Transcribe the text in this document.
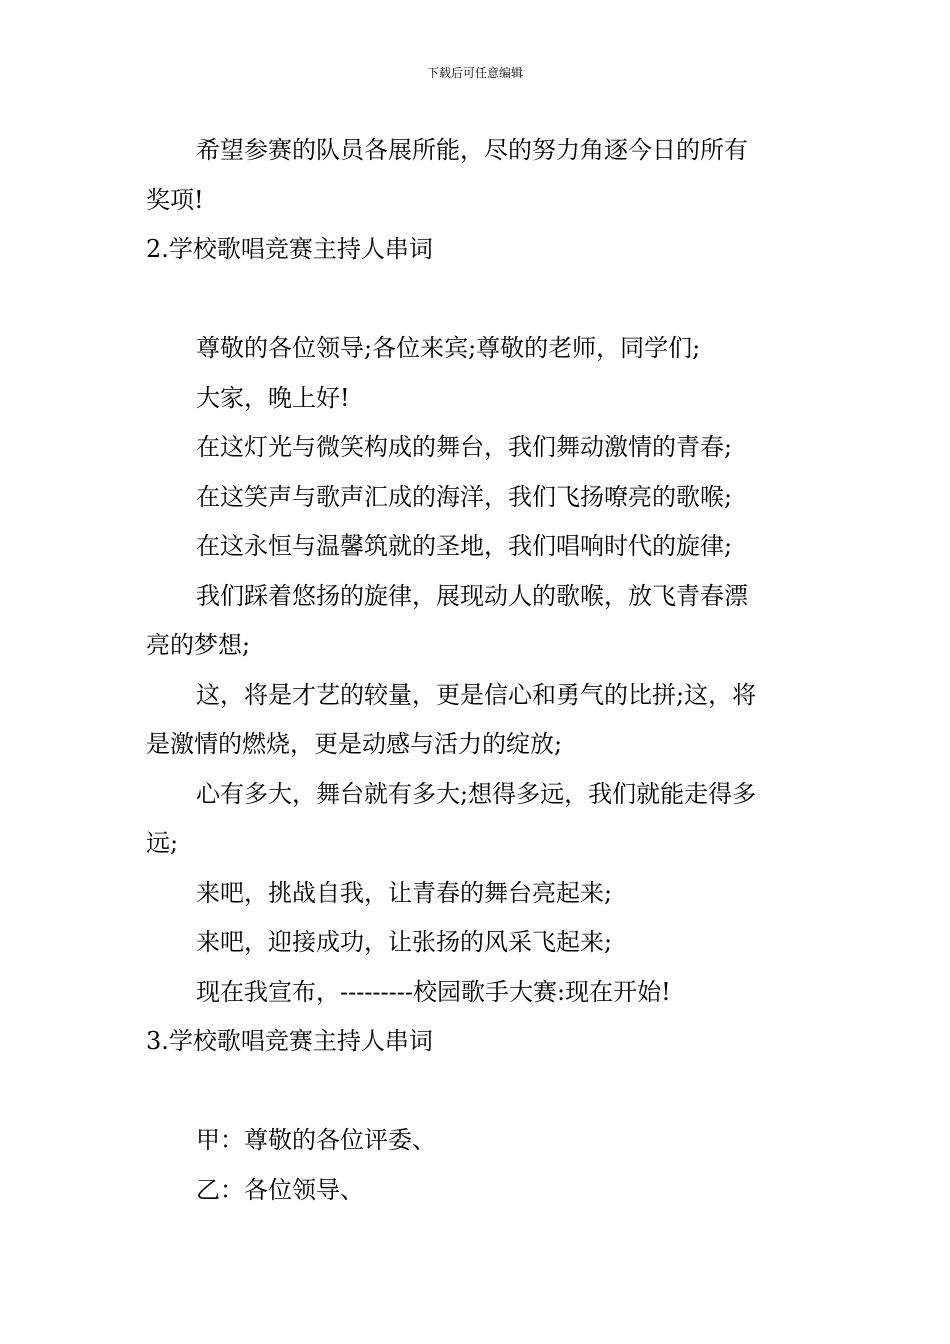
下载后可任意编辑

希望参赛的队员各展所能，尽的努力角逐今日的所有

奖项!

2.学校歌唱竞赛主持人串词

尊敬的各位领导;各位来宾;尊敬的老师，同学们;

大家，晚上好!

在这灯光与微笑构成的舞台，我们舞动激情的青春;

在这笑声与歌声汇成的海洋，我们飞扬嘹亮的歌喉;

在这永恒与温馨筑就的圣地，我们唱响时代的旋律;

我们踩着悠扬的旋律，展现动人的歌喉，放飞青春漂

亮的梦想;

这，将是才艺的较量，更是信心和勇气的比拼;这，将

是激情的燃烧，更是动感与活力的绽放;

心有多大，舞台就有多大;想得多远，我们就能走得多

远;

来吧，挑战自我，让青春的舞台亮起来;

来吧，迎接成功，让张扬的风采飞起来;

现在我宣布，---------校园歌手大赛:现在开始!

3.学校歌唱竞赛主持人串词

甲：尊敬的各位评委、

乙：各位领导、
